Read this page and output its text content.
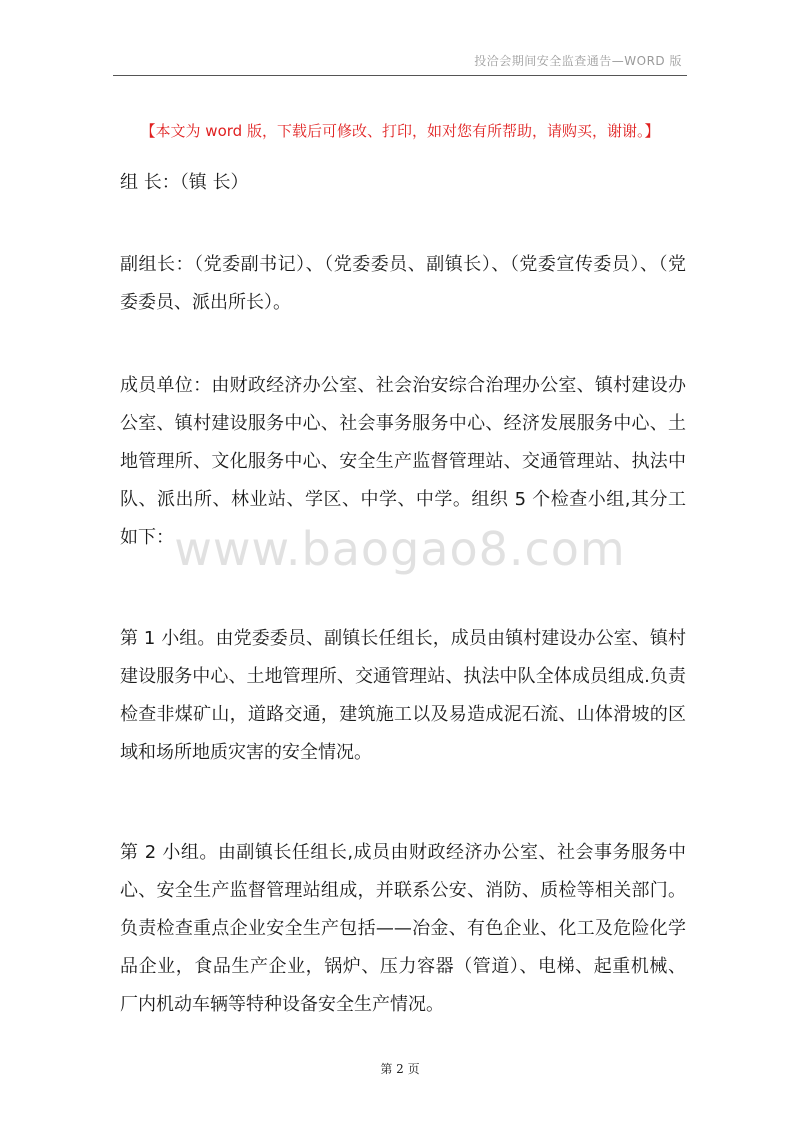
投洽会期间安全监查通告—WORD 版
【本文为 word 版，下载后可修改、打印，如对您有所帮助，请购买，谢谢。】

组 长：（镇 长）

副组长：（党委副书记）、（党委委员、副镇长）、（党委宣传委员）、（党委委员、派出所长）。

成员单位：由财政经济办公室、社会治安综合治理办公室、镇村建设办公室、镇村建设服务中心、社会事务服务中心、经济发展服务中心、土地管理所、文化服务中心、安全生产监督管理站、交通管理站、执法中队、派出所、林业站、学区、中学、中学。组织 5 个检查小组,其分工如下：

第 1 小组。由党委委员、副镇长任组长，成员由镇村建设办公室、镇村建设服务中心、土地管理所、交通管理站、执法中队全体成员组成.负责检查非煤矿山，道路交通，建筑施工以及易造成泥石流、山体滑坡的区域和场所地质灾害的安全情况。

第 2 小组。由副镇长任组长,成员由财政经济办公室、社会事务服务中心、安全生产监督管理站组成，并联系公安、消防、质检等相关部门。负责检查重点企业安全生产包括——冶金、有色企业、化工及危险化学品企业，食品生产企业，锅炉、压力容器（管道）、电梯、起重机械、厂内机动车辆等特种设备安全生产情况。

www.baogao8.com
第 2 页
